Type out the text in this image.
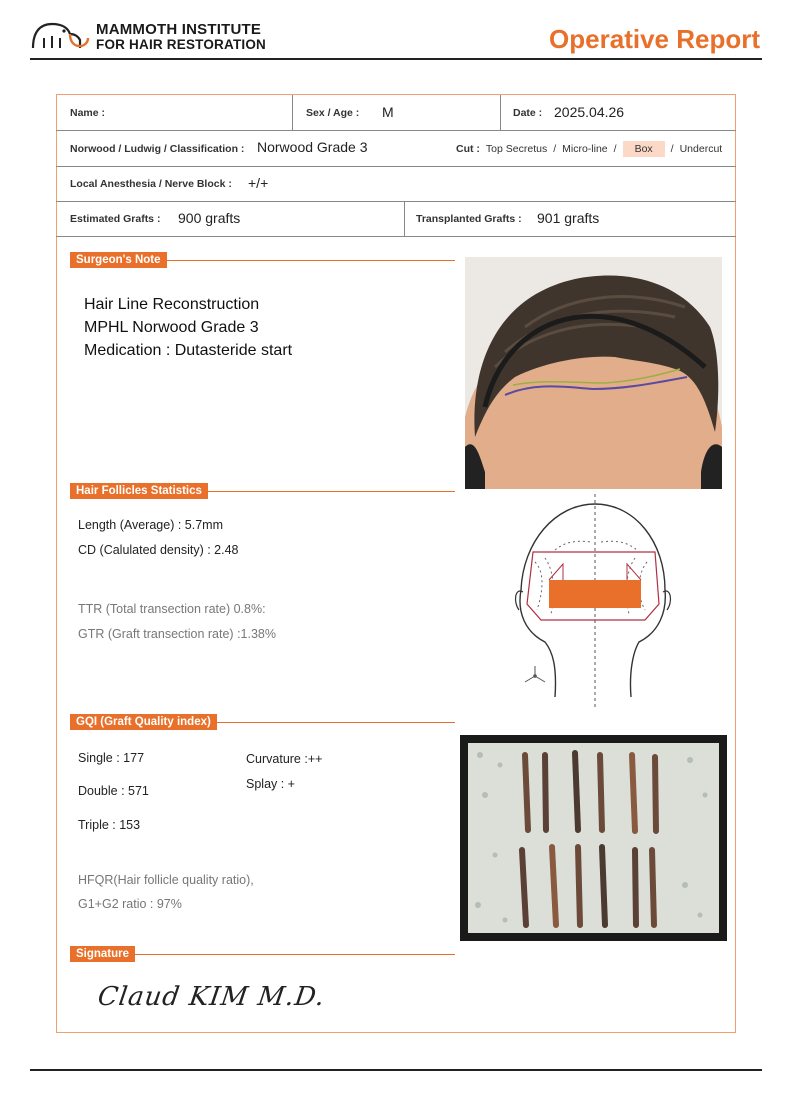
MAMMOTH INSTITUTE
FOR HAIR RESTORATION	Operative Report
Name :	Sex / Age : M	Date : 2025.04.26
Norwood / Ludwig / Classification : Norwood Grade 3	Cut : Top Secretus / Micro-line /	Box	/ Undercut
Local Anesthesia / Nerve Block : +/+
Estimated Grafts : 900 grafts	Transplanted Grafts : 901 grafts
Surgeon's Note
Hair Line Reconstruction
MPHL Norwood Grade 3
Medication : Dutasteride start
Hair Follicles Statistics
Length (Average) : 5.7mm
CD (Calulated density) : 2.48
TTR (Total transection rate) 0.8%:
GTR (Graft transection rate) :1.38%
GQI (Graft Quality index)
Single : 177
Double : 571
Triple : 153
Curvature :++
Splay : +
HFQR(Hair follicle quality ratio),
G1+G2 ratio : 97%
Signature
Claud KIM M.D.
